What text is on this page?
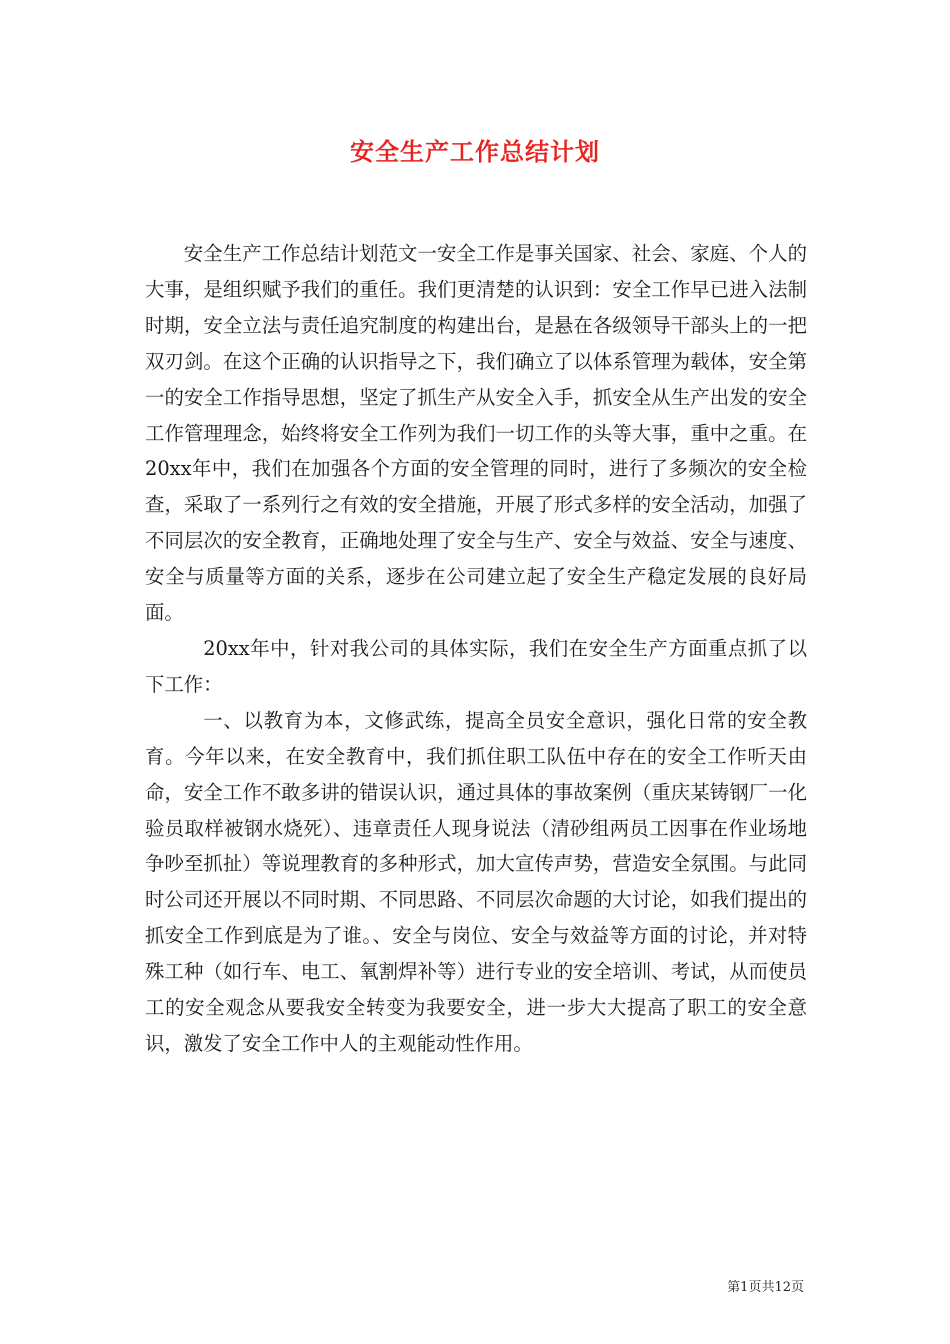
安全生产工作总结计划

安全生产工作总结计划范文一安全工作是事关国家、社会、家庭、个人的大事，是组织赋予我们的重任。我们更清楚的认识到：安全工作早已进入法制时期，安全立法与责任追究制度的构建出台，是悬在各级领导干部头上的一把双刃剑。在这个正确的认识指导之下，我们确立了以体系管理为载体，安全第一的安全工作指导思想，坚定了抓生产从安全入手，抓安全从生产出发的安全工作管理理念，始终将安全工作列为我们一切工作的头等大事，重中之重。在20xx年中，我们在加强各个方面的安全管理的同时，进行了多频次的安全检查，采取了一系列行之有效的安全措施，开展了形式多样的安全活动，加强了不同层次的安全教育，正确地处理了安全与生产、安全与效益、安全与速度、安全与质量等方面的关系，逐步在公司建立起了安全生产稳定发展的良好局面。

20xx年中，针对我公司的具体实际，我们在安全生产方面重点抓了以下工作：

一、以教育为本，文修武练，提高全员安全意识，强化日常的安全教育。今年以来，在安全教育中，我们抓住职工队伍中存在的安全工作听天由命，安全工作不敢多讲的错误认识，通过具体的事故案例（重庆某铸钢厂一化验员取样被钢水烧死）、违章责任人现身说法（清砂组两员工因事在作业场地争吵至抓扯）等说理教育的多种形式，加大宣传声势，营造安全氛围。与此同时公司还开展以不同时期、不同思路、不同层次命题的大讨论，如我们提出的抓安全工作到底是为了谁。、安全与岗位、安全与效益等方面的讨论，并对特殊工种（如行车、电工、氧割焊补等）进行专业的安全培训、考试，从而使员工的安全观念从要我安全转变为我要安全，进一步大大提高了职工的安全意识，激发了安全工作中人的主观能动性作用。

第1页共12页
